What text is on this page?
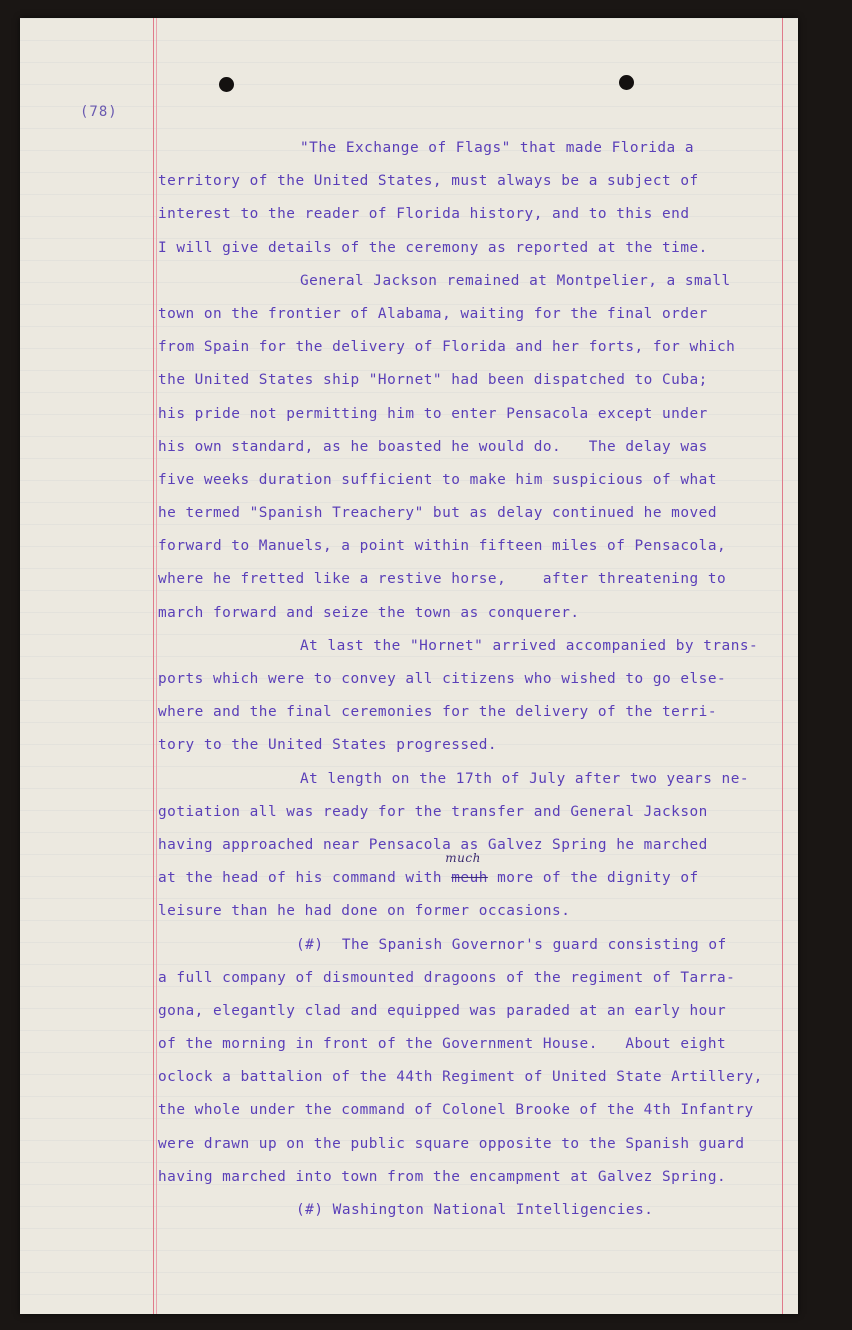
(78)
"The Exchange of Flags" that made Florida a
territory of the United States, must always be a subject of
interest to the reader of Florida history, and to this end
I will give details of the ceremony as reported at the time.
General Jackson remained at Montpelier, a small
town on the frontier of Alabama, waiting for the final order
from Spain for the delivery of Florida and her forts, for which
the United States ship "Hornet" had been dispatched to Cuba;
his pride not permitting him to enter Pensacola except under
his own standard, as he boasted he would do.   The delay was
five weeks duration sufficient to make him suspicious of what
he termed "Spanish Treachery" but as delay continued he moved
forward to Manuels, a point within fifteen miles of Pensacola,
where he fretted like a restive horse,    after threatening to
march forward and seize the town as conquerer.
At last the "Hornet" arrived accompanied by trans-
ports which were to convey all citizens who wished to go else-
where and the final ceremonies for the delivery of the terri-
tory to the United States progressed.
At length on the 17th of July after two years ne-
gotiation all was ready for the transfer and General Jackson
having approached near Pensacola as Galvez Spring he marched
at the head of his command with
much
meuh more of the dignity of
leisure than he had done on former occasions.
(#)  The Spanish Governor's guard consisting of
a full company of dismounted dragoons of the regiment of Tarra-
gona, elegantly clad and equipped was paraded at an early hour
of the morning in front of the Government House.   About eight
oclock a battalion of the 44th Regiment of United State Artillery,
the whole under the command of Colonel Brooke of the 4th Infantry
were drawn up on the public square opposite to the Spanish guard
having marched into town from the encampment at Galvez Spring.
(#) Washington National Intelligencies.
